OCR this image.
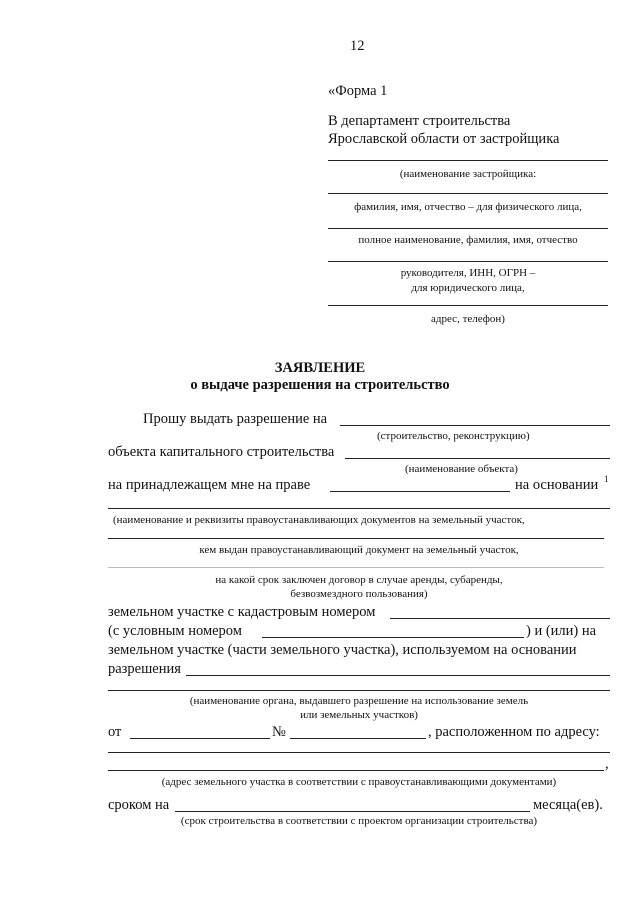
12
«Форма 1
В департамент строительства
Ярославской области от застройщика
(наименование застройщика:
фамилия, имя, отчество – для физического лица,
полное наименование, фамилия, имя, отчество
руководителя, ИНН, ОГРН –
для юридического лица,
адрес, телефон)
ЗАЯВЛЕНИЕ
о выдаче разрешения на строительство
Прошу выдать разрешение на
(строительство, реконструкцию)
объекта капитального строительства
(наименование объекта)
на принадлежащем мне на праве	на основании 1
(наименование и реквизиты правоустанавливающих документов на земельный участок,
кем выдан правоустанавливающий документ на земельный участок,
на какой срок заключен договор в случае аренды, субаренды,
безвозмездного пользования)
земельном участке с кадастровым номером
(с условным номером	) и (или) на
земельном участке (части земельного участка), используемом на основании
разрешения
(наименование органа, выдавшего разрешение на использование земель
или земельных участков)
от	№	, расположенном по адресу:
,
(адрес земельного участка в соответствии с правоустанавливающими документами)
сроком на	месяца(ев).
(срок строительства в соответствии с проектом организации строительства)
